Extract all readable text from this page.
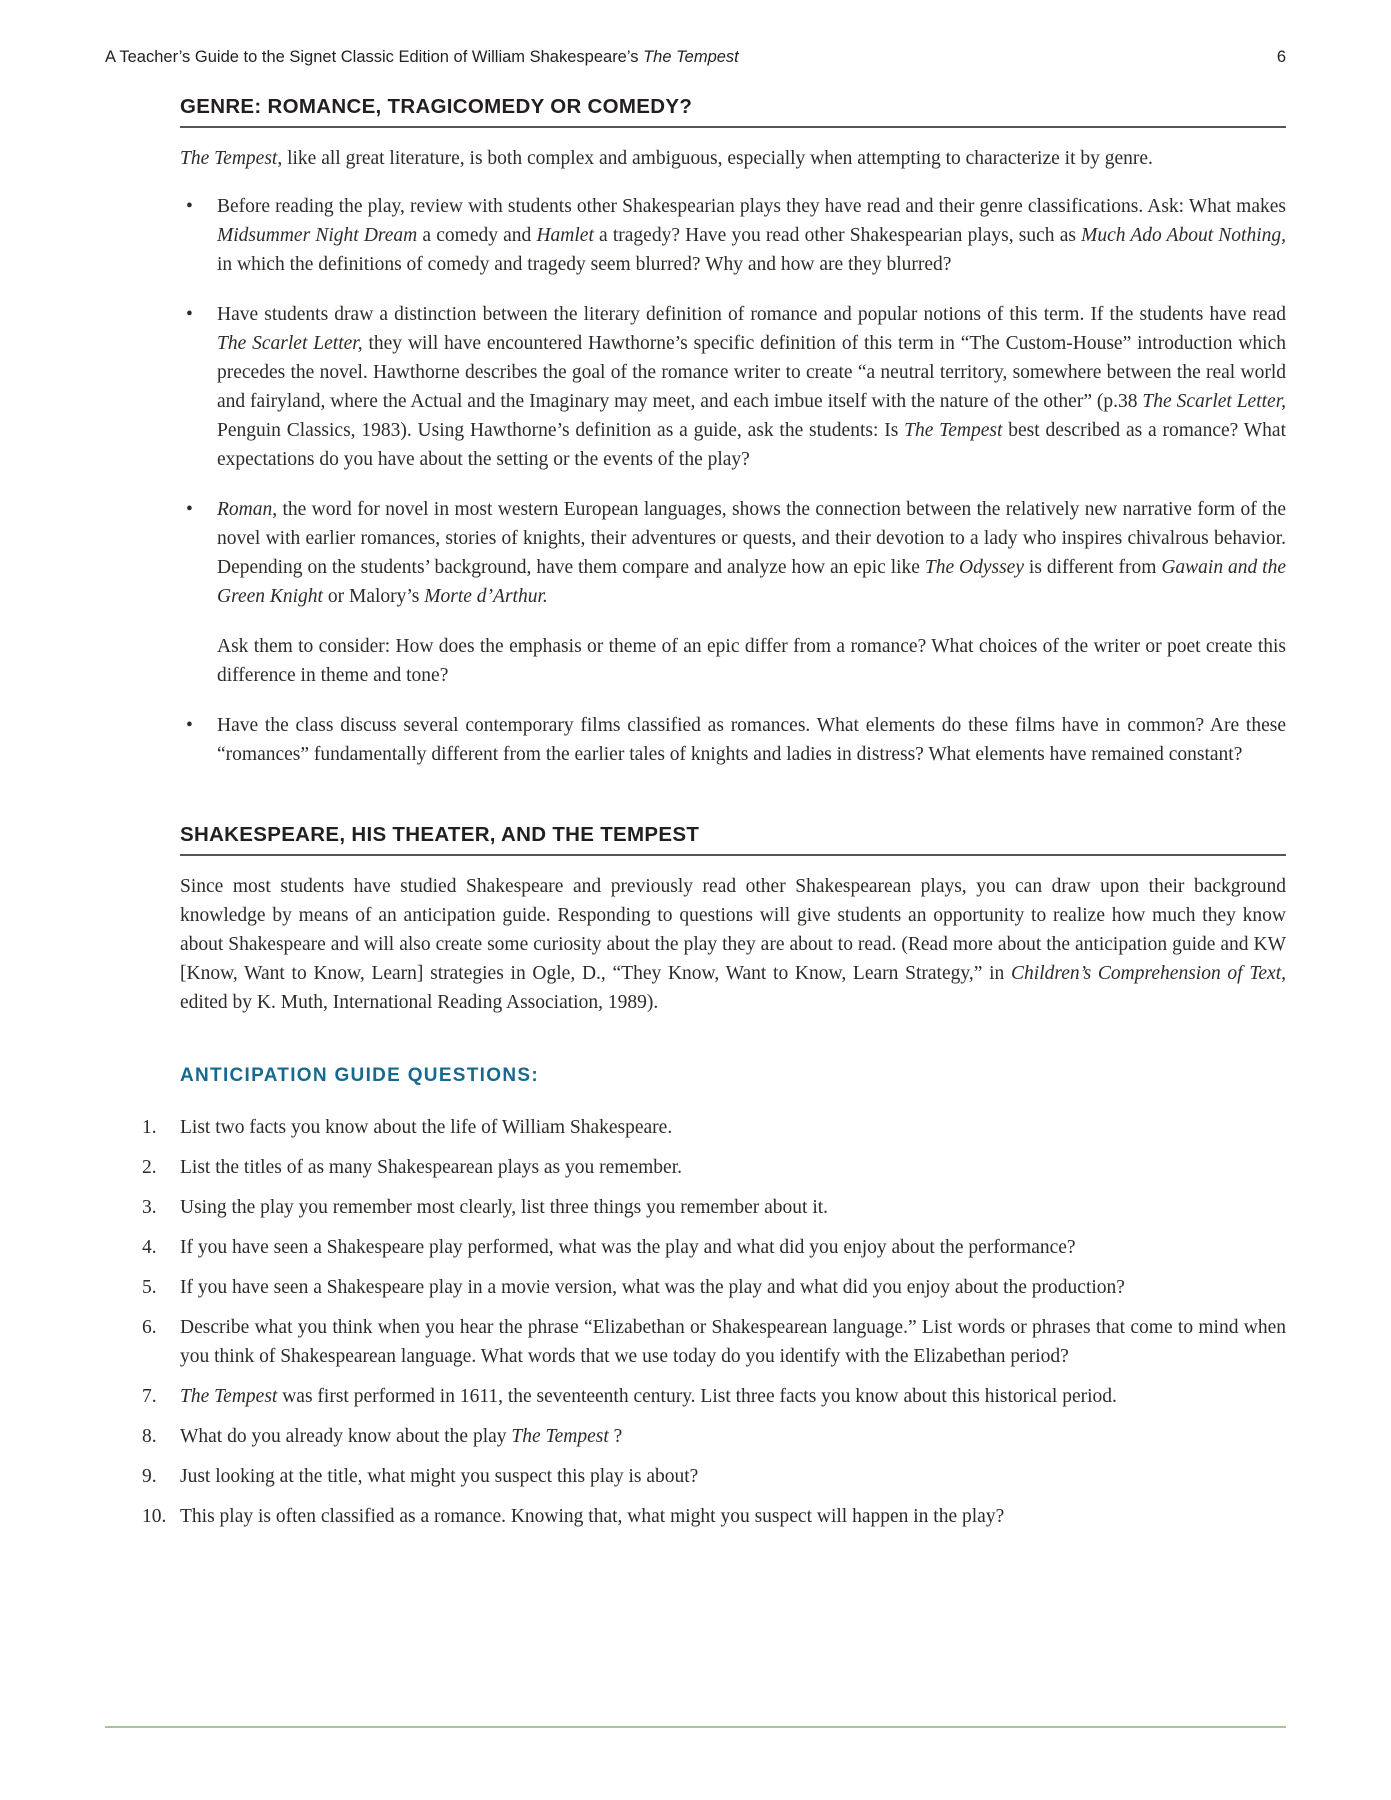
A Teacher’s Guide to the Signet Classic Edition of William Shakespeare’s The Tempest	6
GENRE: ROMANCE, TRAGICOMEDY OR COMEDY?

The Tempest, like all great literature, is both complex and ambiguous, especially when attempting to characterize it by genre.

•	Before reading the play, review with students other Shakespearian plays they have read and their genre classifications. Ask: What makes Midsummer Night Dream a comedy and Hamlet a tragedy? Have you read other Shakespearian plays, such as Much Ado About Nothing, in which the definitions of comedy and tragedy seem blurred? Why and how are they blurred?
•	Have students draw a distinction between the literary definition of romance and popular notions of this term. If the students have read The Scarlet Letter, they will have encountered Hawthorne’s specific definition of this term in “The Custom-House” introduction which precedes the novel. Hawthorne describes the goal of the romance writer to create “a neutral territory, somewhere between the real world and fairyland, where the Actual and the Imaginary may meet, and each imbue itself with the nature of the other” (p.38 The Scarlet Letter, Penguin Classics, 1983). Using Hawthorne’s definition as a guide, ask the students: Is The Tempest best described as a romance? What expectations do you have about the setting or the events of the play?
•	Roman, the word for novel in most western European languages, shows the connection between the relatively new narrative form of the novel with earlier romances, stories of knights, their adventures or quests, and their devotion to a lady who inspires chivalrous behavior. Depending on the students’ background, have them compare and analyze how an epic like The Odyssey is different from Gawain and the Green Knight or Malory’s Morte d’Arthur.

Ask them to consider: How does the emphasis or theme of an epic differ from a romance? What choices of the writer or poet create this difference in theme and tone?

•	Have the class discuss several contemporary films classified as romances. What elements do these films have in common? Are these “romances” fundamentally different from the earlier tales of knights and ladies in distress? What elements have remained constant?
SHAKESPEARE, HIS THEATER, AND THE TEMPEST

Since most students have studied Shakespeare and previously read other Shakespearean plays, you can draw upon their background knowledge by means of an anticipation guide. Responding to questions will give students an opportunity to realize how much they know about Shakespeare and will also create some curiosity about the play they are about to read. (Read more about the anticipation guide and KW [Know, Want to Know, Learn] strategies in Ogle, D., “They Know, Want to Know, Learn Strategy,” in Children’s Comprehension of Text, edited by K. Muth, International Reading Association, 1989).

ANTICIPATION GUIDE QUESTIONS:
1.	List two facts you know about the life of William Shakespeare.
2.	List the titles of as many Shakespearean plays as you remember.
3.	Using the play you remember most clearly, list three things you remember about it.
4.	If you have seen a Shakespeare play performed, what was the play and what did you enjoy about the performance?
5.	If you have seen a Shakespeare play in a movie version, what was the play and what did you enjoy about the production?
6.	Describe what you think when you hear the phrase “Elizabethan or Shakespearean language.” List words or phrases that come to mind when you think of Shakespearean language. What words that we use today do you identify with the Elizabethan period?
7.	The Tempest was first performed in 1611, the seventeenth century. List three facts you know about this historical period.
8.	What do you already know about the play The Tempest ?
9.	Just looking at the title, what might you suspect this play is about?
10. This play is often classified as a romance. Knowing that, what might you suspect will happen in the play?
